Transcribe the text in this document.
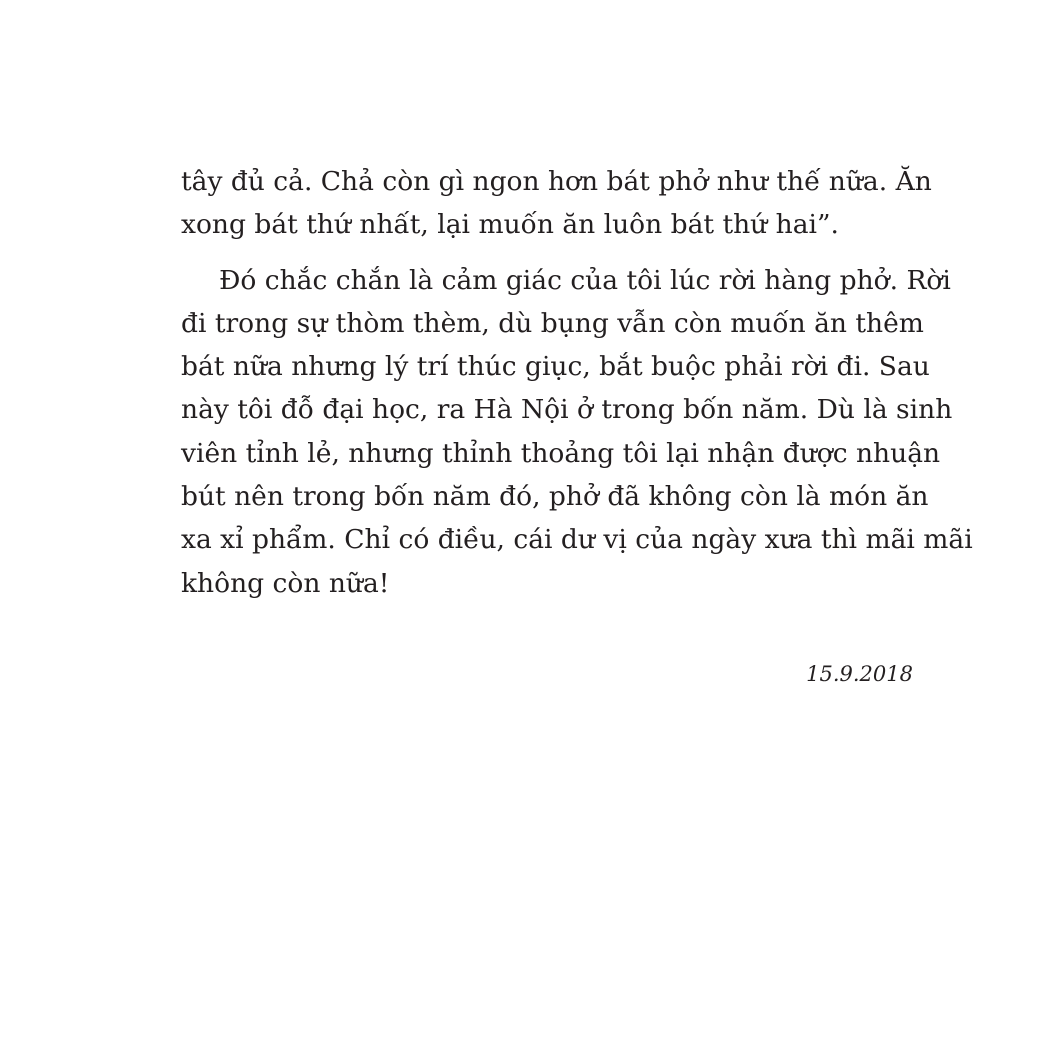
tây đủ cả. Chả còn gì ngon hơn bát phở như thế nữa. Ăn
xong bát thứ nhất, lại muốn ăn luôn bát thứ hai”.
Đó chắc chắn là cảm giác của tôi lúc rời hàng phở. Rời
đi trong sự thòm thèm, dù bụng vẫn còn muốn ăn thêm
bát nữa nhưng lý trí thúc giục, bắt buộc phải rời đi. Sau
này tôi đỗ đại học, ra Hà Nội ở trong bốn năm. Dù là sinh
viên tỉnh lẻ, nhưng thỉnh thoảng tôi lại nhận được nhuận
bút nên trong bốn năm đó, phở đã không còn là món ăn
xa xỉ phẩm. Chỉ có điều, cái dư vị của ngày xưa thì mãi mãi
không còn nữa!
15.9.2018
